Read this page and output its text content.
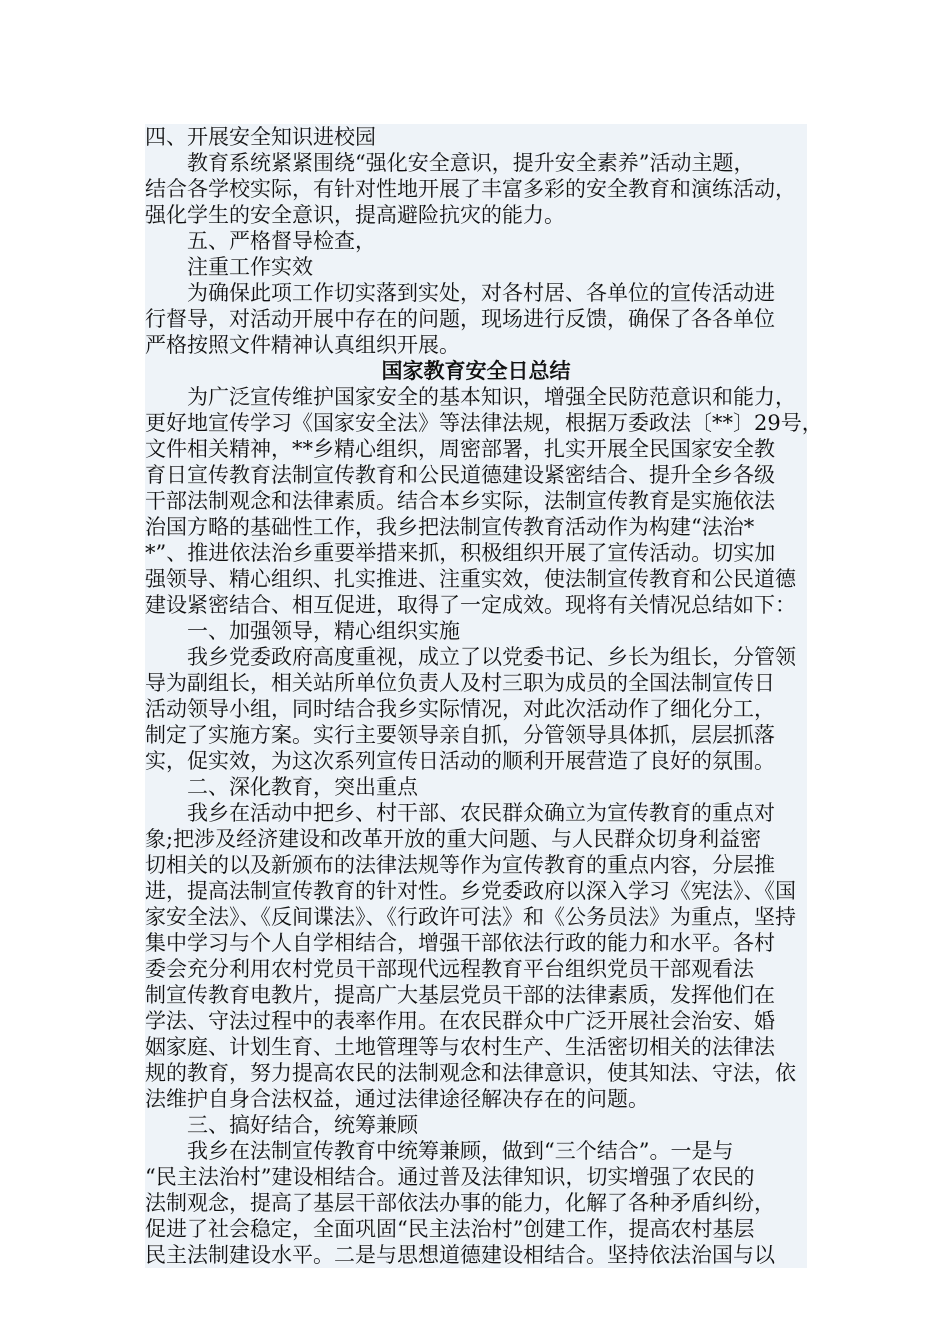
四、开展安全知识进校园
　　教育系统紧紧围绕“强化安全意识，提升安全素养”活动主题，
结合各学校实际，有针对性地开展了丰富多彩的安全教育和演练活动，
强化学生的安全意识，提高避险抗灾的能力。
　　五、严格督导检查，
　　注重工作实效
　　为确保此项工作切实落到实处，对各村居、各单位的宣传活动进
行督导，对活动开展中存在的问题，现场进行反馈，确保了各各单位
严格按照文件精神认真组织开展。
国家教育安全日总结
　　为广泛宣传维护国家安全的基本知识，增强全民防范意识和能力，
更好地宣传学习《国家安全法》等法律法规，根据万委政法〔**〕29号，
文件相关精神，**乡精心组织，周密部署，扎实开展全民国家安全教
育日宣传教育法制宣传教育和公民道德建设紧密结合、提升全乡各级
干部法制观念和法律素质。结合本乡实际，法制宣传教育是实施依法
治国方略的基础性工作，我乡把法制宣传教育活动作为构建“法治*
*”、推进依法治乡重要举措来抓，积极组织开展了宣传活动。切实加
强领导、精心组织、扎实推进、注重实效，使法制宣传教育和公民道德
建设紧密结合、相互促进，取得了一定成效。现将有关情况总结如下：
　　一、加强领导，精心组织实施
　　我乡党委政府高度重视，成立了以党委书记、乡长为组长，分管领
导为副组长，相关站所单位负责人及村三职为成员的全国法制宣传日
活动领导小组，同时结合我乡实际情况，对此次活动作了细化分工，
制定了实施方案。实行主要领导亲自抓，分管领导具体抓，层层抓落
实，促实效，为这次系列宣传日活动的顺利开展营造了良好的氛围。
　　二、深化教育，突出重点
　　我乡在活动中把乡、村干部、农民群众确立为宣传教育的重点对
象;把涉及经济建设和改革开放的重大问题、与人民群众切身利益密
切相关的以及新颁布的法律法规等作为宣传教育的重点内容，分层推
进，提高法制宣传教育的针对性。乡党委政府以深入学习《宪法》、《国
家安全法》、《反间谍法》、《行政许可法》和《公务员法》为重点，坚持
集中学习与个人自学相结合，增强干部依法行政的能力和水平。各村
委会充分利用农村党员干部现代远程教育平台组织党员干部观看法
制宣传教育电教片，提高广大基层党员干部的法律素质，发挥他们在
学法、守法过程中的表率作用。在农民群众中广泛开展社会治安、婚
姻家庭、计划生育、土地管理等与农村生产、生活密切相关的法律法
规的教育，努力提高农民的法制观念和法律意识，使其知法、守法，依
法维护自身合法权益，通过法律途径解决存在的问题。
　　三、搞好结合，统筹兼顾
　　我乡在法制宣传教育中统筹兼顾，做到“三个结合”。一是与
“民主法治村”建设相结合。通过普及法律知识，切实增强了农民的
法制观念，提高了基层干部依法办事的能力，化解了各种矛盾纠纷，
促进了社会稳定，全面巩固“民主法治村”创建工作，提高农村基层
民主法制建设水平。二是与思想道德建设相结合。坚持依法治国与以
